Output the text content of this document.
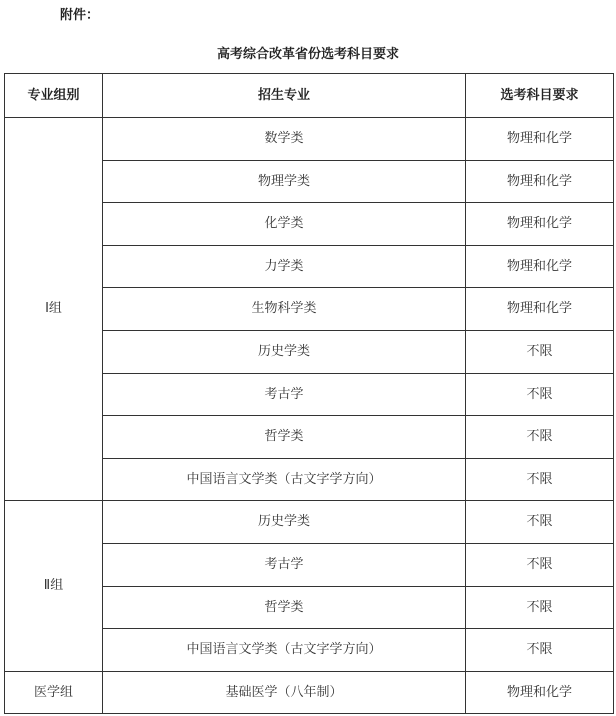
附件：
高考综合改革省份选考科目要求
专业组别	招生专业	选考科目要求
Ⅰ组	数学类	物理和化学
	物理学类	物理和化学
	化学类	物理和化学
	力学类	物理和化学
	生物科学类	物理和化学
	历史学类	不限
	考古学	不限
	哲学类	不限
	中国语言文学类（古文字学方向）	不限
Ⅱ组	历史学类	不限
	考古学	不限
	哲学类	不限
	中国语言文学类（古文字学方向）	不限
医学组	基础医学（八年制）	物理和化学
